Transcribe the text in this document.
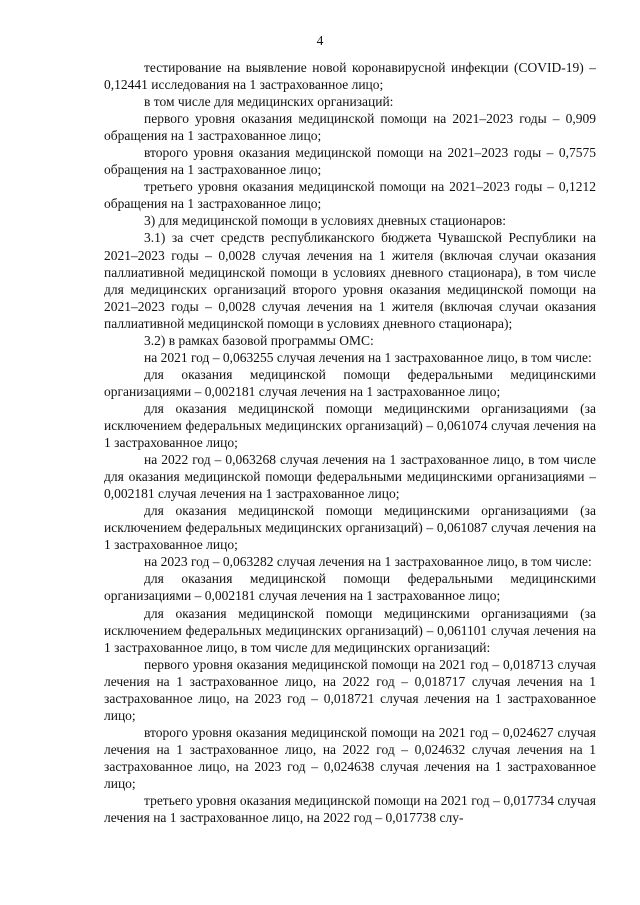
4

тестирование на выявление новой коронавирусной инфекции (COVID-19) – 0,12441 исследования на 1 застрахованное лицо;

в том числе для медицинских организаций:

первого уровня оказания медицинской помощи на 2021–2023 годы – 0,909 обращения на 1 застрахованное лицо;

второго уровня оказания медицинской помощи на 2021–2023 годы – 0,7575 обращения на 1 застрахованное лицо;

третьего уровня оказания медицинской помощи на 2021–2023 годы – 0,1212 обращения на 1 застрахованное лицо;

3) для медицинской помощи в условиях дневных стационаров:

3.1) за счет средств республиканского бюджета Чувашской Республики на 2021–2023 годы – 0,0028 случая лечения на 1 жителя (включая случаи оказания паллиативной медицинской помощи в условиях дневного стационара), в том числе для медицинских организаций второго уровня оказания медицинской помощи на 2021–2023 годы – 0,0028 случая лечения на 1 жителя (включая случаи оказания паллиативной медицинской помощи в условиях дневного стационара);

3.2) в рамках базовой программы ОМС:

на 2021 год – 0,063255 случая лечения на 1 застрахованное лицо, в том числе:

для оказания медицинской помощи федеральными медицинскими организациями – 0,002181 случая лечения на 1 застрахованное лицо;

для оказания медицинской помощи медицинскими организациями (за исключением федеральных медицинских организаций) – 0,061074 случая лечения на 1 застрахованное лицо;

на 2022 год – 0,063268 случая лечения на 1 застрахованное лицо, в том числе для оказания медицинской помощи федеральными медицинскими организациями – 0,002181 случая лечения на 1 застрахованное лицо;

для оказания медицинской помощи медицинскими организациями (за исключением федеральных медицинских организаций) – 0,061087 случая лечения на 1 застрахованное лицо;

на 2023 год – 0,063282 случая лечения на 1 застрахованное лицо, в том числе:

для оказания медицинской помощи федеральными медицинскими организациями – 0,002181 случая лечения на 1 застрахованное лицо;

для оказания медицинской помощи медицинскими организациями (за исключением федеральных медицинских организаций) – 0,061101 случая лечения на 1 застрахованное лицо, в том числе для медицинских организаций:

первого уровня оказания медицинской помощи на 2021 год – 0,018713 случая лечения на 1 застрахованное лицо, на 2022 год – 0,018717 случая лечения на 1 застрахованное лицо, на 2023 год – 0,018721 случая лечения на 1 застрахованное лицо;

второго уровня оказания медицинской помощи на 2021 год – 0,024627 случая лечения на 1 застрахованное лицо, на 2022 год – 0,024632 случая лечения на 1 застрахованное лицо, на 2023 год – 0,024638 случая лечения на 1 застрахованное лицо;

третьего уровня оказания медицинской помощи на 2021 год – 0,017734 случая лечения на 1 застрахованное лицо, на 2022 год – 0,017738 слу-
